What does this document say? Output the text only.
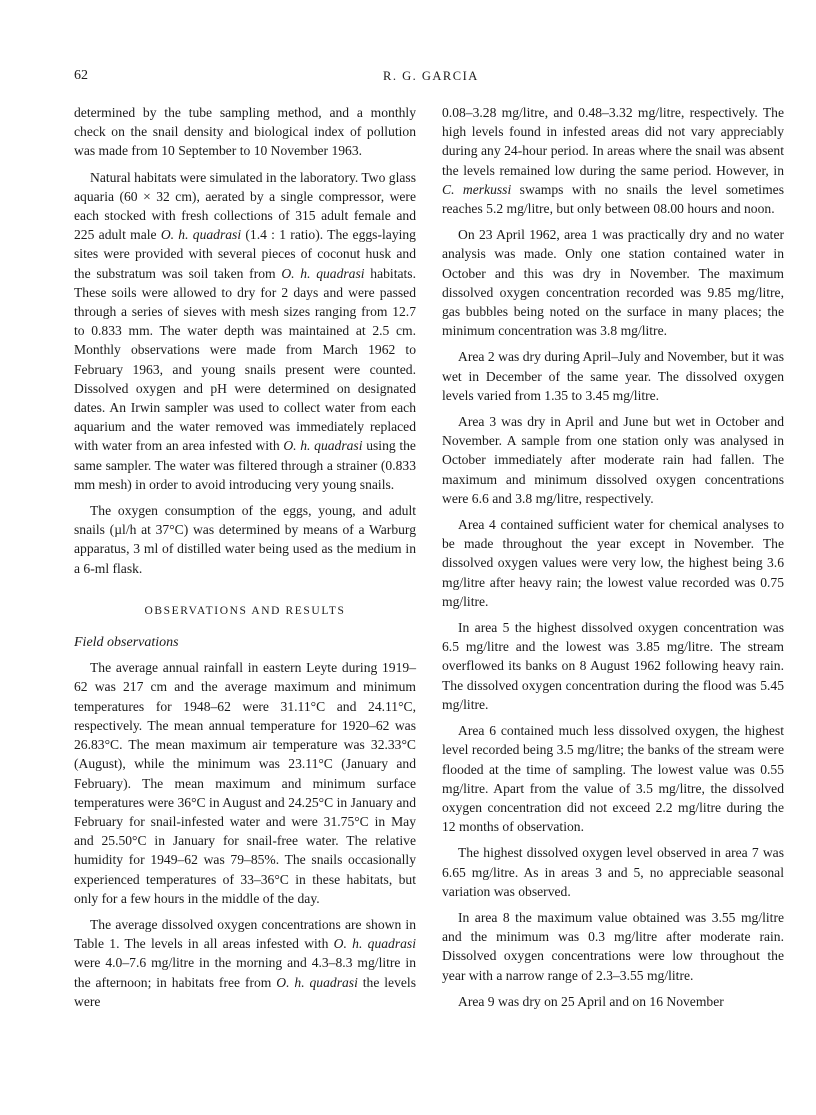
62	R. G. GARCIA

determined by the tube sampling method, and a monthly check on the snail density and biological index of pollution was made from 10 September to 10 November 1963.

Natural habitats were simulated in the laboratory. Two glass aquaria (60 × 32 cm), aerated by a single compressor, were each stocked with fresh collections of 315 adult female and 225 adult male O. h. quadrasi (1.4 : 1 ratio). The eggs-laying sites were provided with several pieces of coconut husk and the substratum was soil taken from O. h. quadrasi habitats. These soils were allowed to dry for 2 days and were passed through a series of sieves with mesh sizes ranging from 12.7 to 0.833 mm. The water depth was maintained at 2.5 cm. Monthly observations were made from March 1962 to February 1963, and young snails present were counted. Dissolved oxygen and pH were determined on designated dates. An Irwin sampler was used to collect water from each aquarium and the water removed was immediately replaced with water from an area infested with O. h. quadrasi using the same sampler. The water was filtered through a strainer (0.833 mm mesh) in order to avoid introducing very young snails.

The oxygen consumption of the eggs, young, and adult snails (µl/h at 37°C) was determined by means of a Warburg apparatus, 3 ml of distilled water being used as the medium in a 6-ml flask.

OBSERVATIONS AND RESULTS
Field observations

The average annual rainfall in eastern Leyte during 1919–62 was 217 cm and the average maximum and minimum temperatures for 1948–62 were 31.11°C and 24.11°C, respectively. The mean annual temperature for 1920–62 was 26.83°C. The mean maximum air temperature was 32.33°C (August), while the minimum was 23.11°C (January and February). The mean maximum and minimum surface temperatures were 36°C in August and 24.25°C in January and February for snail-infested water and were 31.75°C in May and 25.50°C in January for snail-free water. The relative humidity for 1949–62 was 79–85%. The snails occasionally experienced temperatures of 33–36°C in these habitats, but only for a few hours in the middle of the day.

The average dissolved oxygen concentrations are shown in Table 1. The levels in all areas infested with O. h. quadrasi were 4.0–7.6 mg/litre in the morning and 4.3–8.3 mg/litre in the afternoon; in habitats free from O. h. quadrasi the levels were

0.08–3.28 mg/litre, and 0.48–3.32 mg/litre, respectively. The high levels found in infested areas did not vary appreciably during any 24-hour period. In areas where the snail was absent the levels remained low during the same period. However, in C. merkussi swamps with no snails the level sometimes reaches 5.2 mg/litre, but only between 08.00 hours and noon.

On 23 April 1962, area 1 was practically dry and no water analysis was made. Only one station contained water in October and this was dry in November. The maximum dissolved oxygen concentration recorded was 9.85 mg/litre, gas bubbles being noted on the surface in many places; the minimum concentration was 3.8 mg/litre.

Area 2 was dry during April–July and November, but it was wet in December of the same year. The dissolved oxygen levels varied from 1.35 to 3.45 mg/litre.

Area 3 was dry in April and June but wet in October and November. A sample from one station only was analysed in October immediately after moderate rain had fallen. The maximum and minimum dissolved oxygen concentrations were 6.6 and 3.8 mg/litre, respectively.

Area 4 contained sufficient water for chemical analyses to be made throughout the year except in November. The dissolved oxygen values were very low, the highest being 3.6 mg/litre after heavy rain; the lowest value recorded was 0.75 mg/litre.

In area 5 the highest dissolved oxygen concentration was 6.5 mg/litre and the lowest was 3.85 mg/litre. The stream overflowed its banks on 8 August 1962 following heavy rain. The dissolved oxygen concentration during the flood was 5.45 mg/litre.

Area 6 contained much less dissolved oxygen, the highest level recorded being 3.5 mg/litre; the banks of the stream were flooded at the time of sampling. The lowest value was 0.55 mg/litre. Apart from the value of 3.5 mg/litre, the dissolved oxygen concentration did not exceed 2.2 mg/litre during the 12 months of observation.

The highest dissolved oxygen level observed in area 7 was 6.65 mg/litre. As in areas 3 and 5, no appreciable seasonal variation was observed.

In area 8 the maximum value obtained was 3.55 mg/litre and the minimum was 0.3 mg/litre after moderate rain. Dissolved oxygen concentrations were low throughout the year with a narrow range of 2.3–3.55 mg/litre.

Area 9 was dry on 25 April and on 16 November
